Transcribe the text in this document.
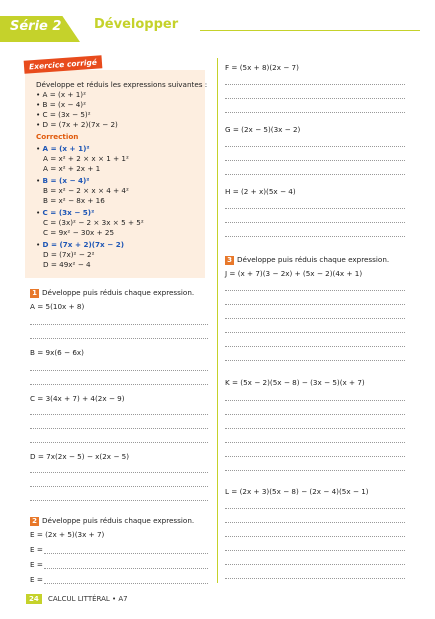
Série 2	Développer
Exercice corrigé
Développe et réduis les expressions suivantes :
• A = (x + 1)²
• B = (x − 4)²
• C = (3x − 5)²
• D = (7x + 2)(7x − 2)
Correction
• A = (x + 1)²
A = x² + 2 × x × 1 + 1²
A = x² + 2x + 1
• B = (x − 4)²
B = x² − 2 × x × 4 + 4²
B = x² − 8x + 16
• C = (3x − 5)²
C = (3x)² − 2 × 3x × 5 + 5²
C = 9x² − 30x + 25
• D = (7x + 2)(7x − 2)
D = (7x)² − 2²
D = 49x² − 4
1 Développe puis réduis chaque expression.
A = 5(10x + 8)
B = 9x(6 − 6x)
C = 3(4x + 7) + 4(2x − 9)
D = 7x(2x − 5) − x(2x − 5)
2 Développe puis réduis chaque expression.
E = (2x + 5)(3x + 7)
E =
E =
E =
F = (5x + 8)(2x − 7)
G = (2x − 5)(3x − 2)
H = (2 + x)(5x − 4)
3 Développe puis réduis chaque expression.
J = (x + 7)(3 − 2x) + (5x − 2)(4x + 1)
K = (5x − 2)(5x − 8) − (3x − 5)(x + 7)
L = (2x + 3)(5x − 8) − (2x − 4)(5x − 1)
24	CALCUL LITTÉRAL • A7
